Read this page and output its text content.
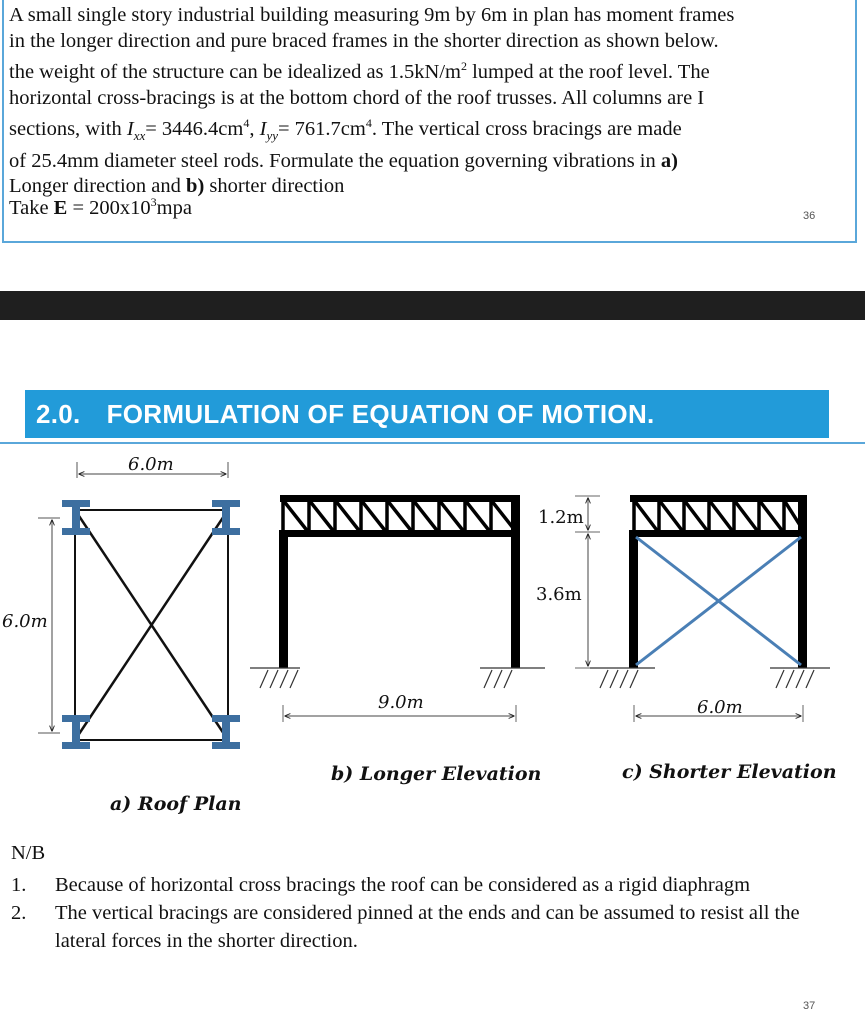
A small single story industrial building measuring 9m by 6m in plan has moment frames
in the longer direction and pure braced frames in the shorter direction as shown below.
the weight of the structure can be idealized as $1.5kN/m^2$ lumped at the roof level. The
horizontal cross-bracings is at the bottom chord of the roof trusses. All columns are I
sections, with $I_{xx}= 3446.4cm^4$, $I_{yy}= 761.7cm^4$. The vertical cross bracings are made
of 25.4mm diameter steel rods. Formulate the equation governing vibrations in a)
Longer direction and b) shorter direction

Take $E = 200x10^3mpa$	36
2.0. FORMULATION OF EQUATION OF MOTION.
6.0m
6.0m
a) Roof Plan
1.2m
3.6m
9.0m
b) Longer Elevation
6.0m
c) Shorter Elevation

N/B

1. Because of horizontal cross bracings the roof can be considered as a rigid diaphragm
2. The vertical bracings are considered pinned at the ends and can be assumed to resist all the lateral forces in the shorter direction.
37
